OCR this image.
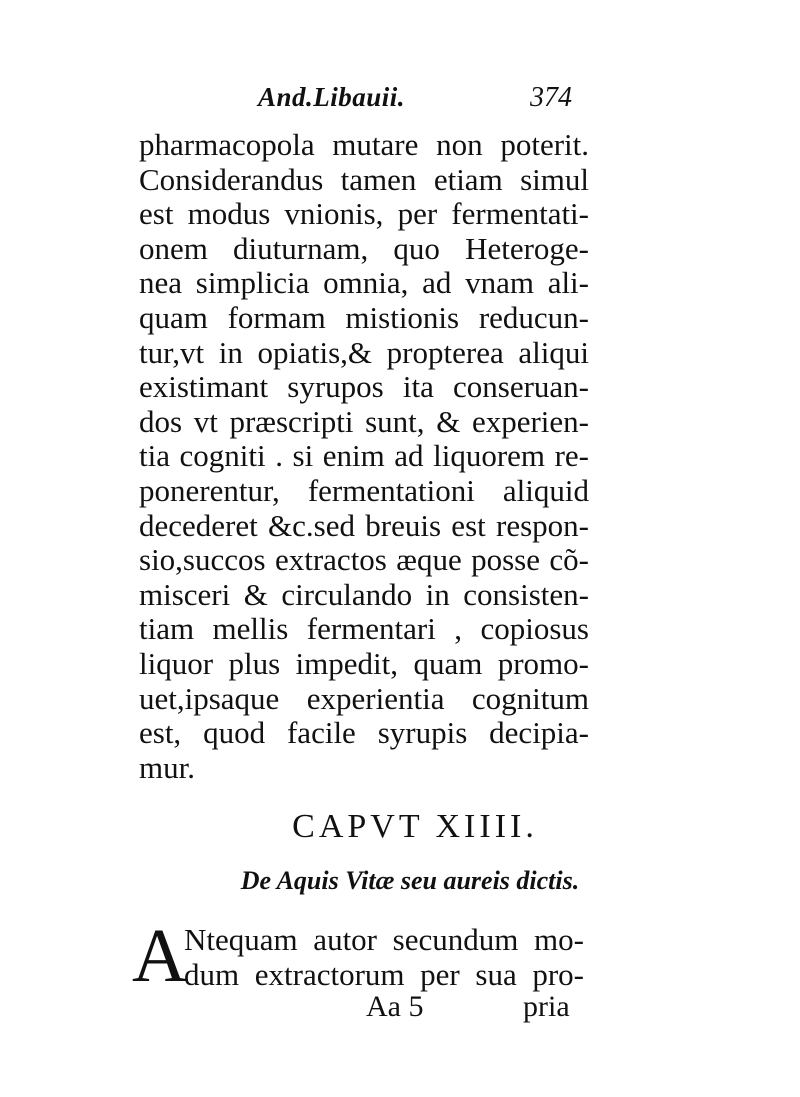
And.Libauii.	374
pharmacopola mutare non poterit.
Considerandus tamen etiam simul
est modus vnionis, per fermentati-
onem diuturnam, quo Heterogе-
nea simplicia omnia, ad vnam ali-
quam formam mistionis reducun-
tur,vt in opiatis,& propterea aliqui
existimant syrupos ita conseruan-
dos vt præscripti sunt, & experien-
tia cogniti . si enim ad liquorem re-
ponerentur, fermentationi aliquid
decederet &c.sed breuis est respon-
sio,succos extractos æque posse cõ-
misceri & circulando in consisten-
tiam mellis fermentari , copiosus
liquor plus impedit, quam promo-
uet,ipsaque experientia cognitum
est, quod facile syrupis decipia-
mur.
CAPVT XIIII.
De Aquis Vitæ seu aureis dictis.
A
Ntequam autor secundum mo-
dum extractorum per sua pro-
Aa 5	pria
